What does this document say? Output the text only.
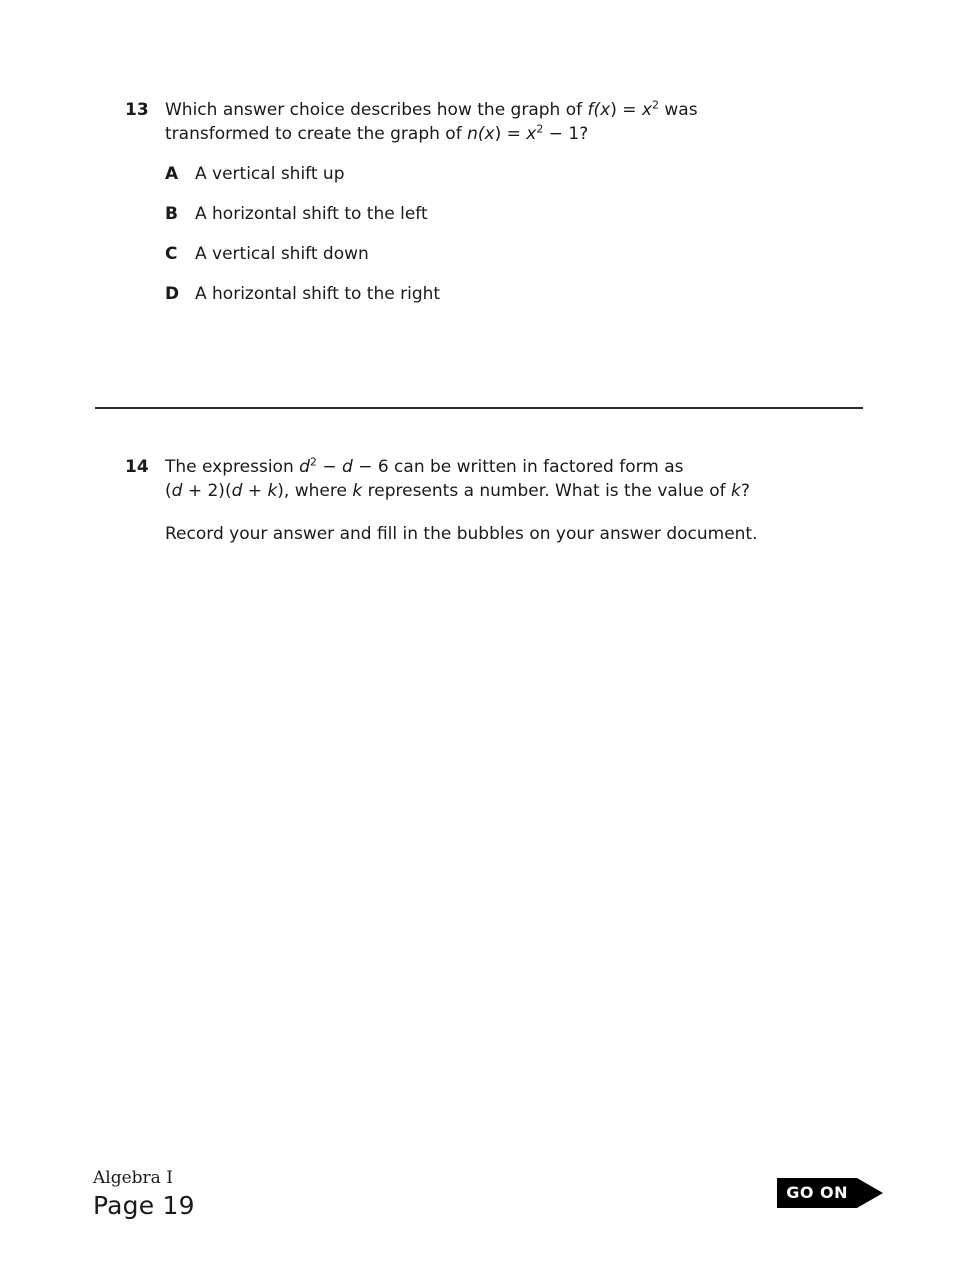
13 Which answer choice describes how the graph of $f(x) = x^2$ was
transformed to create the graph of $n(x) = x^2 - 1$?
A A vertical shift up
B A horizontal shift to the left
C A vertical shift down
D A horizontal shift to the right
14 The expression $d^2 - d - 6$ can be written in factored form as
(d + 2)(d + k), where k represents a number. What is the value of k?
Record your answer and fill in the bubbles on your answer document.
Algebra I
Page 19	GO ON
